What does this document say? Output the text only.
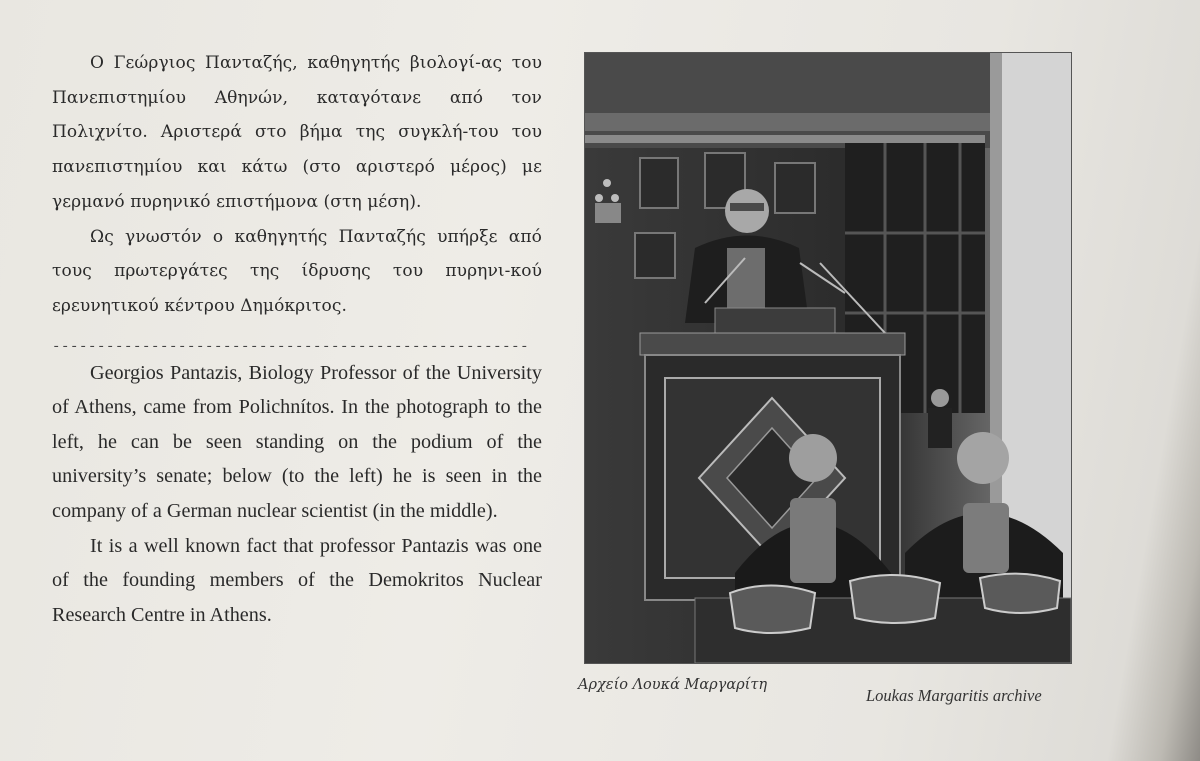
Ο Γεώργιος Πανταζής, καθηγητής βιολογί-ας του Πανεπιστημίου Αθηνών, καταγότανε από τον Πολιχνίτο. Αριστερά στο βήμα της συγκλή-του του πανεπιστημίου και κάτω (στο αριστερό μέρος) με γερμανό πυρηνικό επιστήμονα (στη μέση).

Ως γνωστόν ο καθηγητής Πανταζής υπήρξε από τους πρωτεργάτες της ίδρυσης του πυρηνι-κού ερευνητικού κέντρου Δημόκριτος.

-----------------------------------------------------

Georgios Pantazis, Biology Professor of the University of Athens, came from Polichnítos. In the photograph to the left, he can be seen standing on the podium of the university’s senate; below (to the left) he is seen in the company of a German nuclear scientist (in the middle).

It is a well known fact that professor Pantazis was one of the founding members of the Demokritos Nuclear Research Centre in Athens.

Αρχείο Λουκά Μαργαρίτη
Loukas Margaritis archive
